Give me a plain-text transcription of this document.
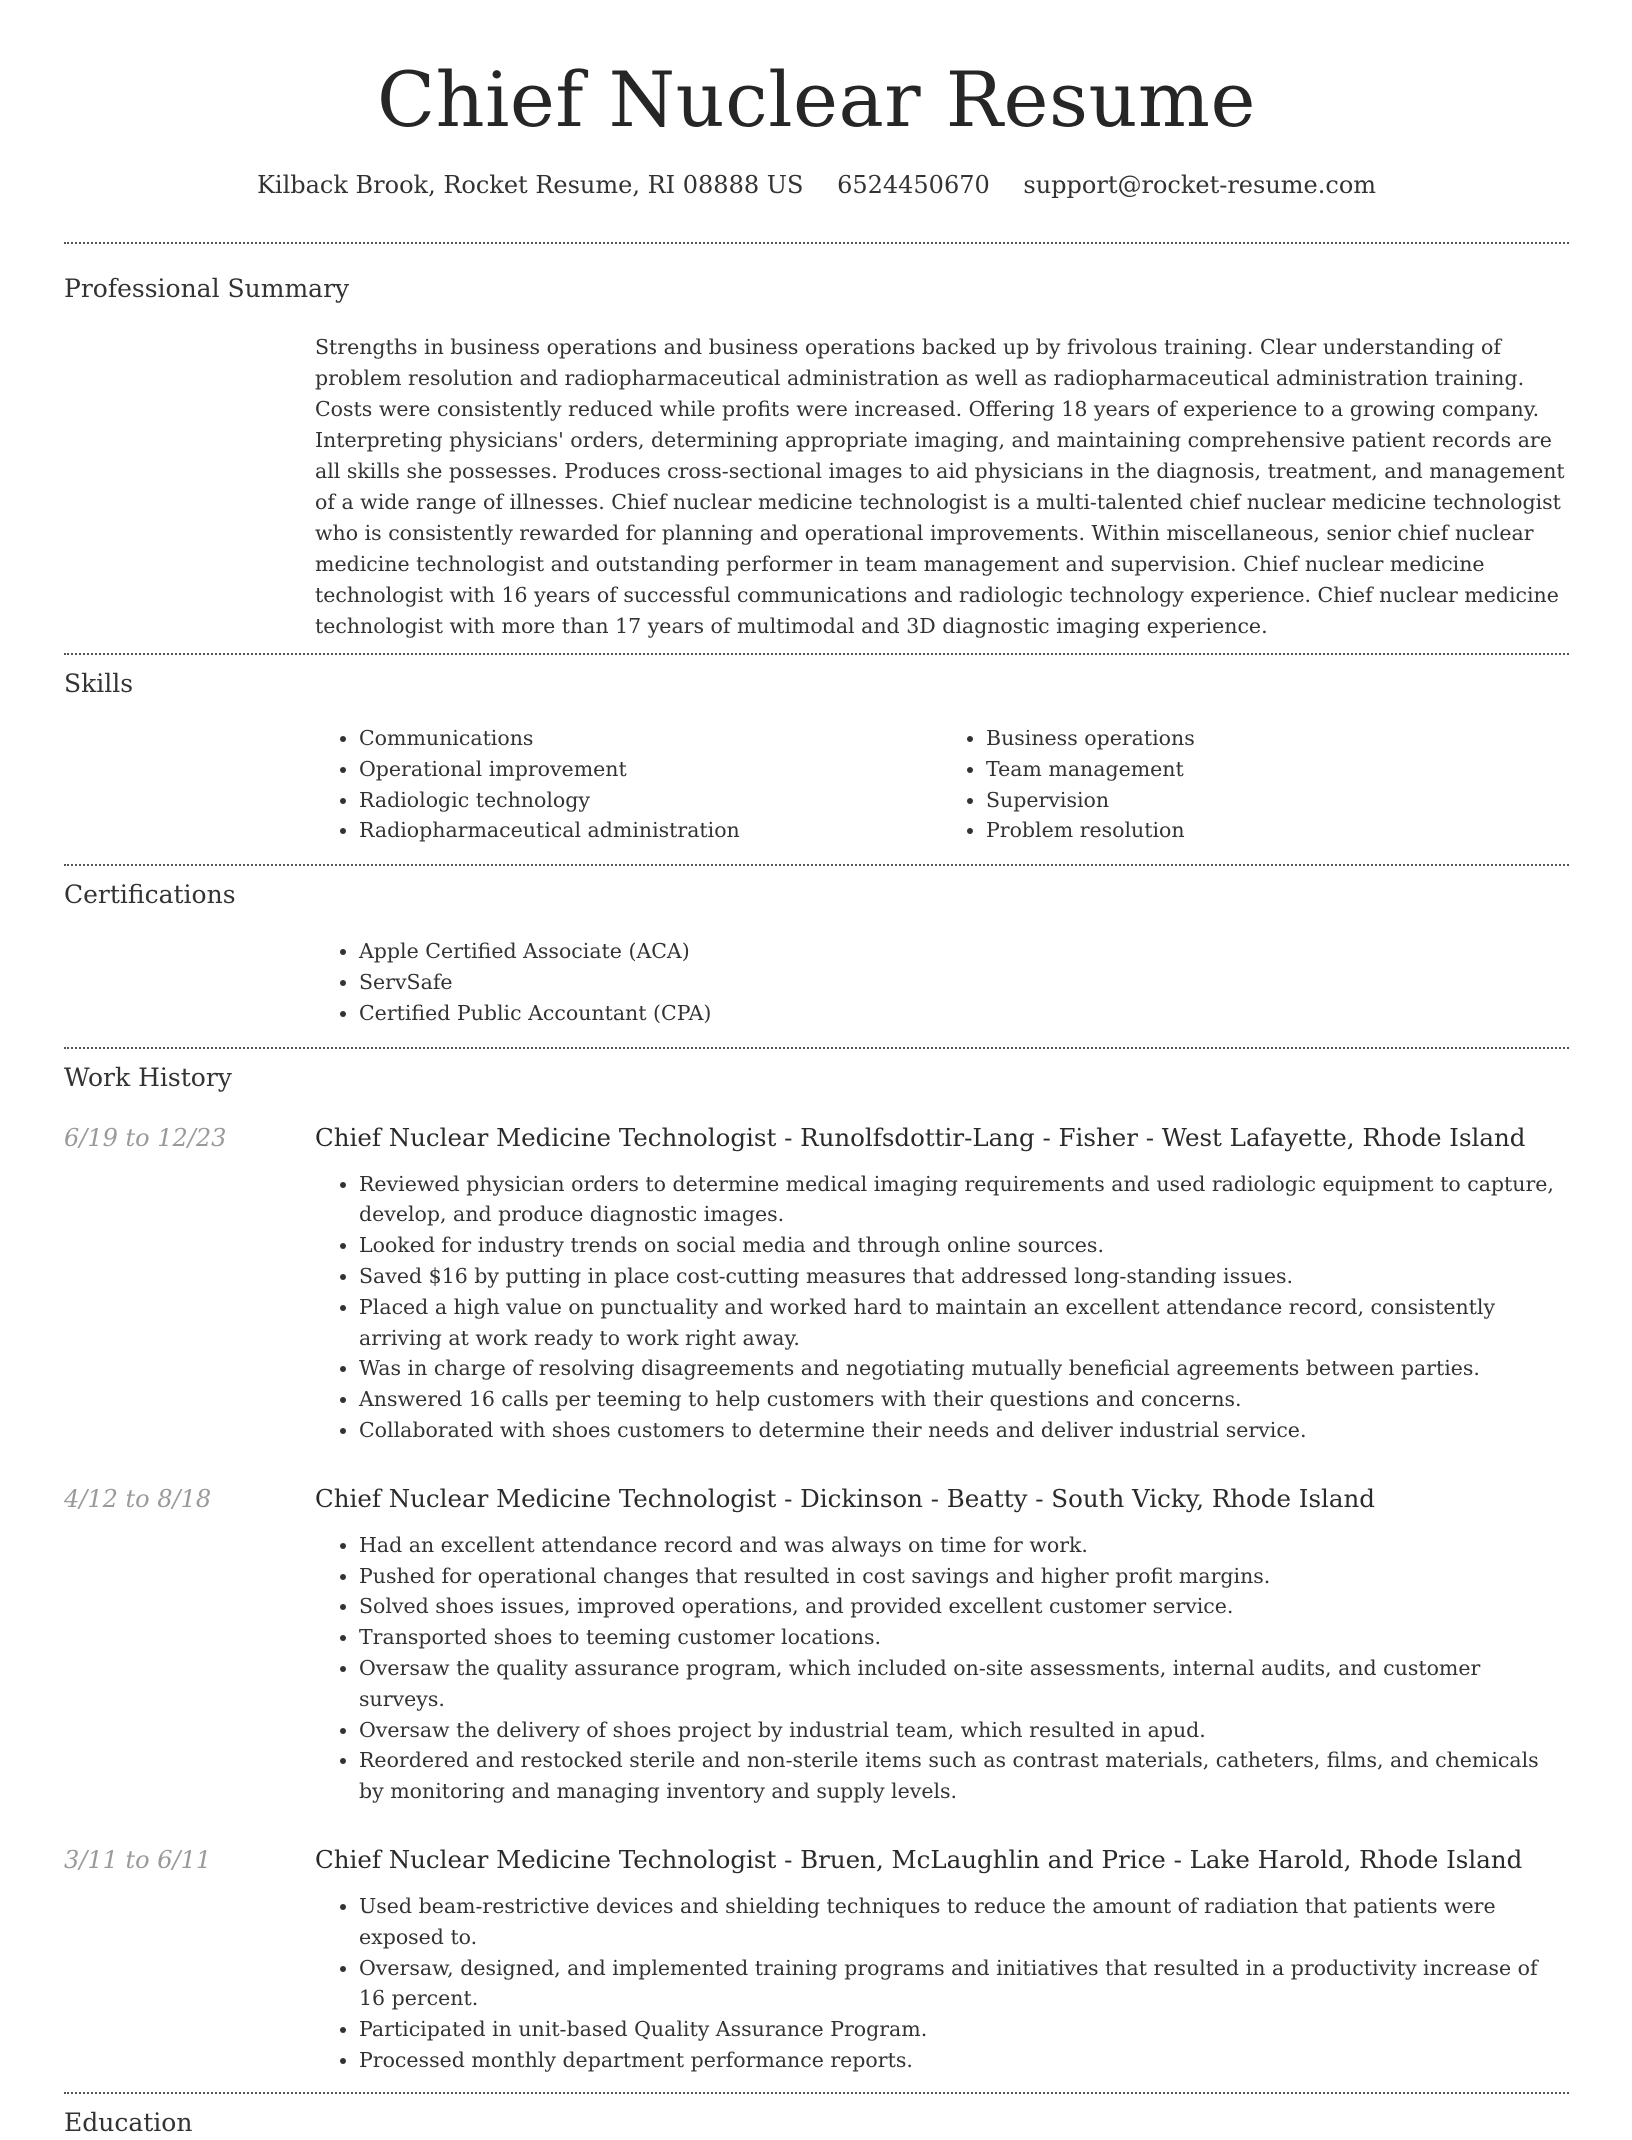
Chief Nuclear Resume
Kilback Brook, Rocket Resume, RI 08888 US 6524450670 support@rocket-resume.com
Professional Summary

Strengths in business operations and business operations backed up by frivolous training. Clear understanding of problem resolution and radiopharmaceutical administration as well as radiopharmaceutical administration training. Costs were consistently reduced while profits were increased. Offering 18 years of experience to a growing company. Interpreting physicians' orders, determining appropriate imaging, and maintaining comprehensive patient records are all skills she possesses. Produces cross-sectional images to aid physicians in the diagnosis, treatment, and management of a wide range of illnesses. Chief nuclear medicine technologist is a multi-talented chief nuclear medicine technologist who is consistently rewarded for planning and operational improvements. Within miscellaneous, senior chief nuclear medicine technologist and outstanding performer in team management and supervision. Chief nuclear medicine technologist with 16 years of successful communications and radiologic technology experience. Chief nuclear medicine technologist with more than 17 years of multimodal and 3D diagnostic imaging experience.

Skills
• Communications
• Operational improvement
• Radiologic technology
• Radiopharmaceutical administration
• Business operations
• Team management
• Supervision
• Problem resolution
Certifications
• Apple Certified Associate (ACA)
• ServSafe
• Certified Public Accountant (CPA)
Work History
6/19 to 12/23	Chief Nuclear Medicine Technologist - Runolfsdottir-Lang - Fisher - West Lafayette, Rhode Island
• Reviewed physician orders to determine medical imaging requirements and used radiologic equipment to capture, develop, and produce diagnostic images.
• Looked for industry trends on social media and through online sources.
• Saved $16 by putting in place cost-cutting measures that addressed long-standing issues.
• Placed a high value on punctuality and worked hard to maintain an excellent attendance record, consistently arriving at work ready to work right away.
• Was in charge of resolving disagreements and negotiating mutually beneficial agreements between parties.
• Answered 16 calls per teeming to help customers with their questions and concerns.
• Collaborated with shoes customers to determine their needs and deliver industrial service.
4/12 to 8/18	Chief Nuclear Medicine Technologist - Dickinson - Beatty - South Vicky, Rhode Island
• Had an excellent attendance record and was always on time for work.
• Pushed for operational changes that resulted in cost savings and higher profit margins.
• Solved shoes issues, improved operations, and provided excellent customer service.
• Transported shoes to teeming customer locations.
• Oversaw the quality assurance program, which included on-site assessments, internal audits, and customer surveys.
• Oversaw the delivery of shoes project by industrial team, which resulted in apud.
• Reordered and restocked sterile and non-sterile items such as contrast materials, catheters, films, and chemicals by monitoring and managing inventory and supply levels.
3/11 to 6/11	Chief Nuclear Medicine Technologist - Bruen, McLaughlin and Price - Lake Harold, Rhode Island
• Used beam-restrictive devices and shielding techniques to reduce the amount of radiation that patients were exposed to.
• Oversaw, designed, and implemented training programs and initiatives that resulted in a productivity increase of 16 percent.
• Participated in unit-based Quality Assurance Program.
• Processed monthly department performance reports.
Education
